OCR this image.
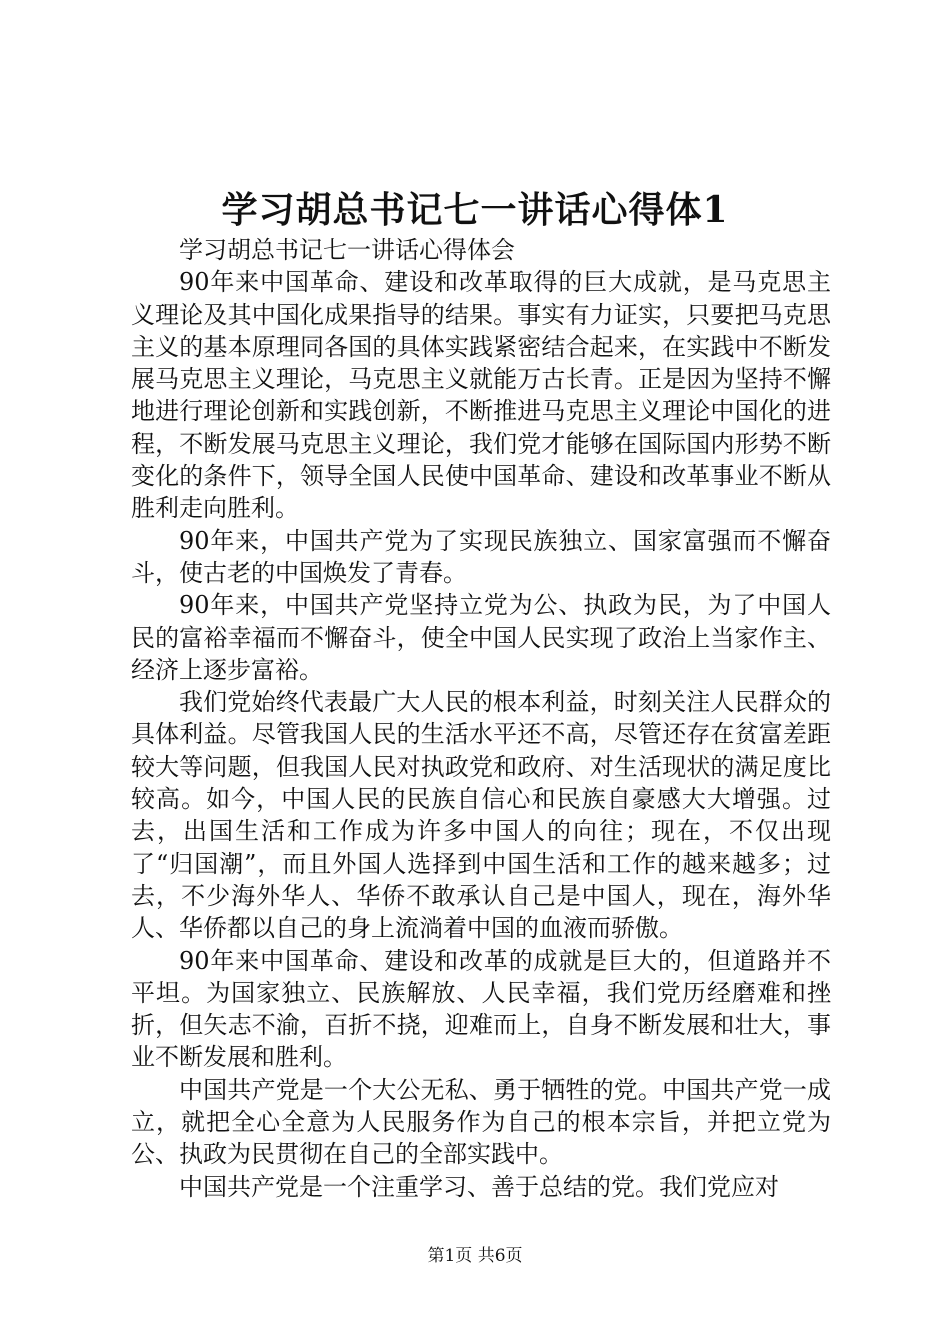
学习胡总书记七一讲话心得体1

学习胡总书记七一讲话心得体会

90年来中国革命、建设和改革取得的巨大成就，是马克思主义理论及其中国化成果指导的结果。事实有力证实，只要把马克思主义的基本原理同各国的具体实践紧密结合起来，在实践中不断发展马克思主义理论，马克思主义就能万古长青。正是因为坚持不懈地进行理论创新和实践创新，不断推进马克思主义理论中国化的进程，不断发展马克思主义理论，我们党才能够在国际国内形势不断变化的条件下，领导全国人民使中国革命、建设和改革事业不断从胜利走向胜利。

90年来，中国共产党为了实现民族独立、国家富强而不懈奋斗，使古老的中国焕发了青春。

90年来，中国共产党坚持立党为公、执政为民，为了中国人民的富裕幸福而不懈奋斗，使全中国人民实现了政治上当家作主、经济上逐步富裕。

我们党始终代表最广大人民的根本利益，时刻关注人民群众的具体利益。尽管我国人民的生活水平还不高，尽管还存在贫富差距较大等问题，但我国人民对执政党和政府、对生活现状的满足度比较高。如今，中国人民的民族自信心和民族自豪感大大增强。过去，出国生活和工作成为许多中国人的向往；现在，不仅出现了“归国潮”，而且外国人选择到中国生活和工作的越来越多；过去，不少海外华人、华侨不敢承认自己是中国人，现在，海外华人、华侨都以自己的身上流淌着中国的血液而骄傲。

90年来中国革命、建设和改革的成就是巨大的，但道路并不平坦。为国家独立、民族解放、人民幸福，我们党历经磨难和挫折，但矢志不渝，百折不挠，迎难而上，自身不断发展和壮大，事业不断发展和胜利。

中国共产党是一个大公无私、勇于牺牲的党。中国共产党一成立，就把全心全意为人民服务作为自己的根本宗旨，并把立党为公、执政为民贯彻在自己的全部实践中。

中国共产党是一个注重学习、善于总结的党。我们党应对

第1页 共6页
